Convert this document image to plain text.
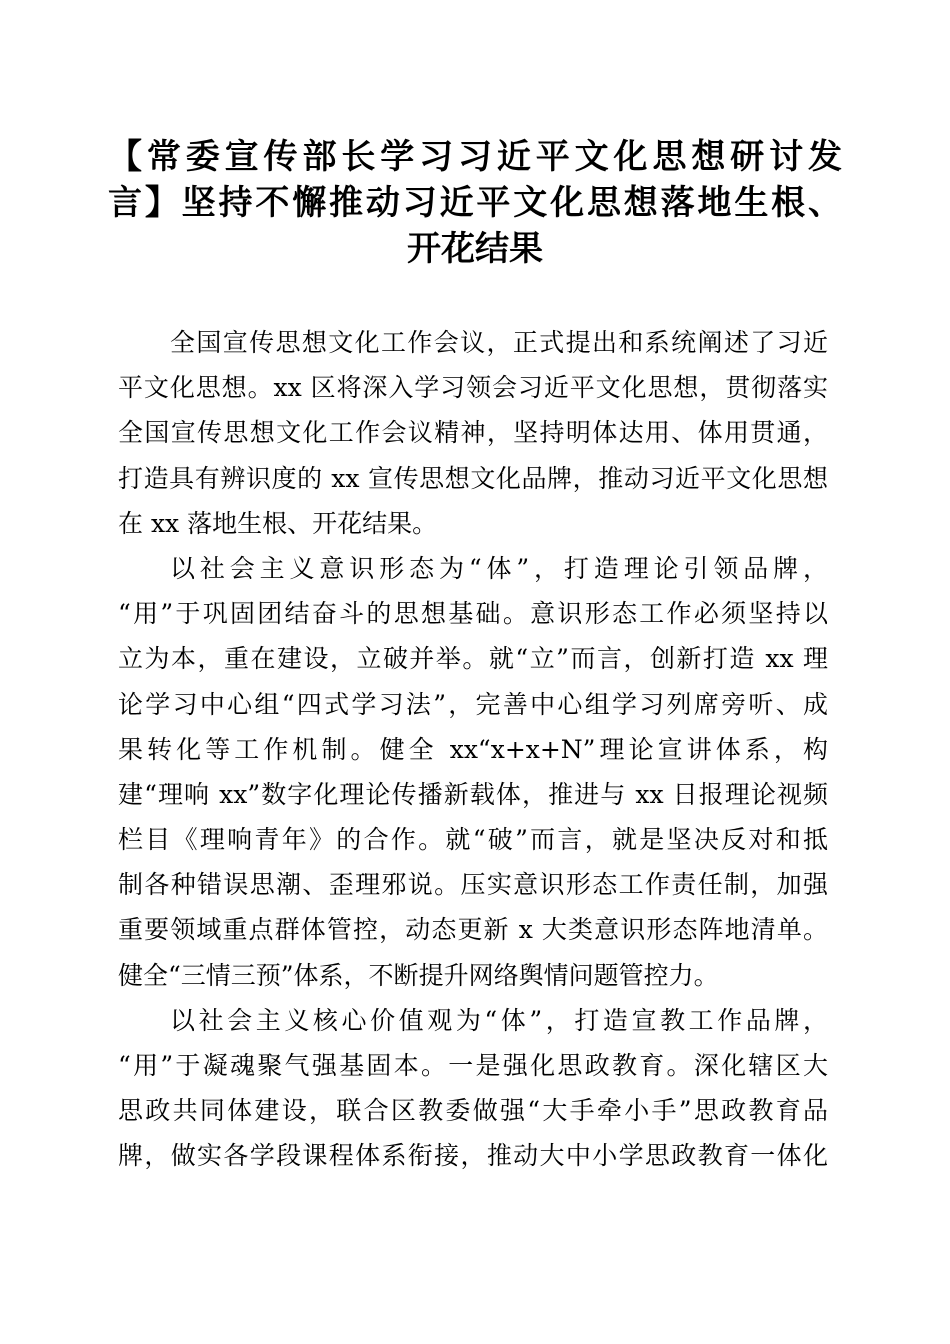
【常委宣传部长学习习近平文化思想研讨发
言】坚持不懈推动习近平文化思想落地生根、
开花结果
全国宣传思想文化工作会议，正式提出和系统阐述了习近
平文化思想。xx 区将深入学习领会习近平文化思想，贯彻落实
全国宣传思想文化工作会议精神，坚持明体达用、体用贯通，
打造具有辨识度的 xx 宣传思想文化品牌，推动习近平文化思想
在 xx 落地生根、开花结果。
以社会主义意识形态为“体”，打造理论引领品牌，
“用”于巩固团结奋斗的思想基础。意识形态工作必须坚持以
立为本，重在建设，立破并举。就“立”而言，创新打造 xx 理
论学习中心组“四式学习法”，完善中心组学习列席旁听、成
果转化等工作机制。健全 xx“x+x+N”理论宣讲体系，构
建“理响 xx”数字化理论传播新载体，推进与 xx 日报理论视频
栏目《理响青年》的合作。就“破”而言，就是坚决反对和抵
制各种错误思潮、歪理邪说。压实意识形态工作责任制，加强
重要领域重点群体管控，动态更新 x 大类意识形态阵地清单。
健全“三情三预”体系，不断提升网络舆情问题管控力。
以社会主义核心价值观为“体”，打造宣教工作品牌，
“用”于凝魂聚气强基固本。一是强化思政教育。深化辖区大
思政共同体建设，联合区教委做强“大手牵小手”思政教育品
牌，做实各学段课程体系衔接，推动大中小学思政教育一体化
